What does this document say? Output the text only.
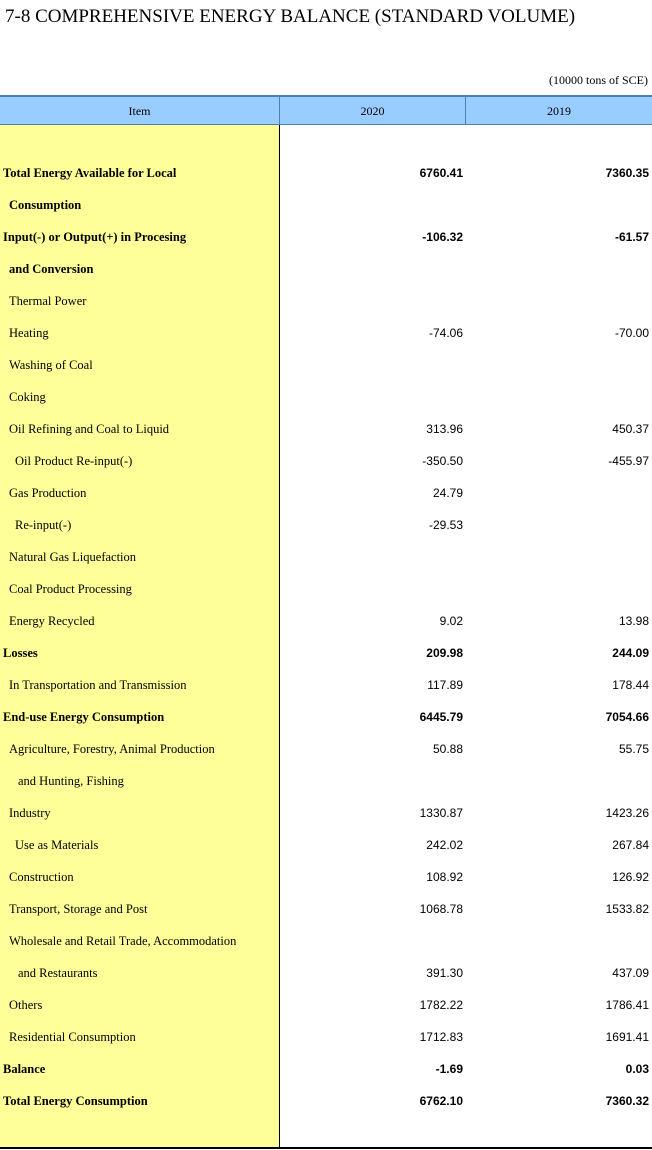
7-8 COMPREHENSIVE ENERGY BALANCE (STANDARD VOLUME)
(10000 tons of SCE)
Item	2020	2019
Total Energy Available for Local	6760.41	7360.35
Consumption
Input(-) or Output(+) in Procesing	-106.32	-61.57
and Conversion
Thermal Power
Heating	-74.06	-70.00
Washing of Coal
Coking
Oil Refining and Coal to Liquid	313.96	450.37
Oil Product Re-input(-)	-350.50	-455.97
Gas Production	24.79
Re-input(-)	-29.53
Natural Gas Liquefaction
Coal Product Processing
Energy Recycled	9.02	13.98
Losses	209.98	244.09
In Transportation and Transmission	117.89	178.44
End-use Energy Consumption	6445.79	7054.66
Agriculture, Forestry, Animal Production	50.88	55.75
and Hunting, Fishing
Industry	1330.87	1423.26
Use as Materials	242.02	267.84
Construction	108.92	126.92
Transport, Storage and Post	1068.78	1533.82
Wholesale and Retail Trade, Accommodation
and Restaurants	391.30	437.09
Others	1782.22	1786.41
Residential Consumption	1712.83	1691.41
Balance	-1.69	0.03
Total Energy Consumption	6762.10	7360.32
